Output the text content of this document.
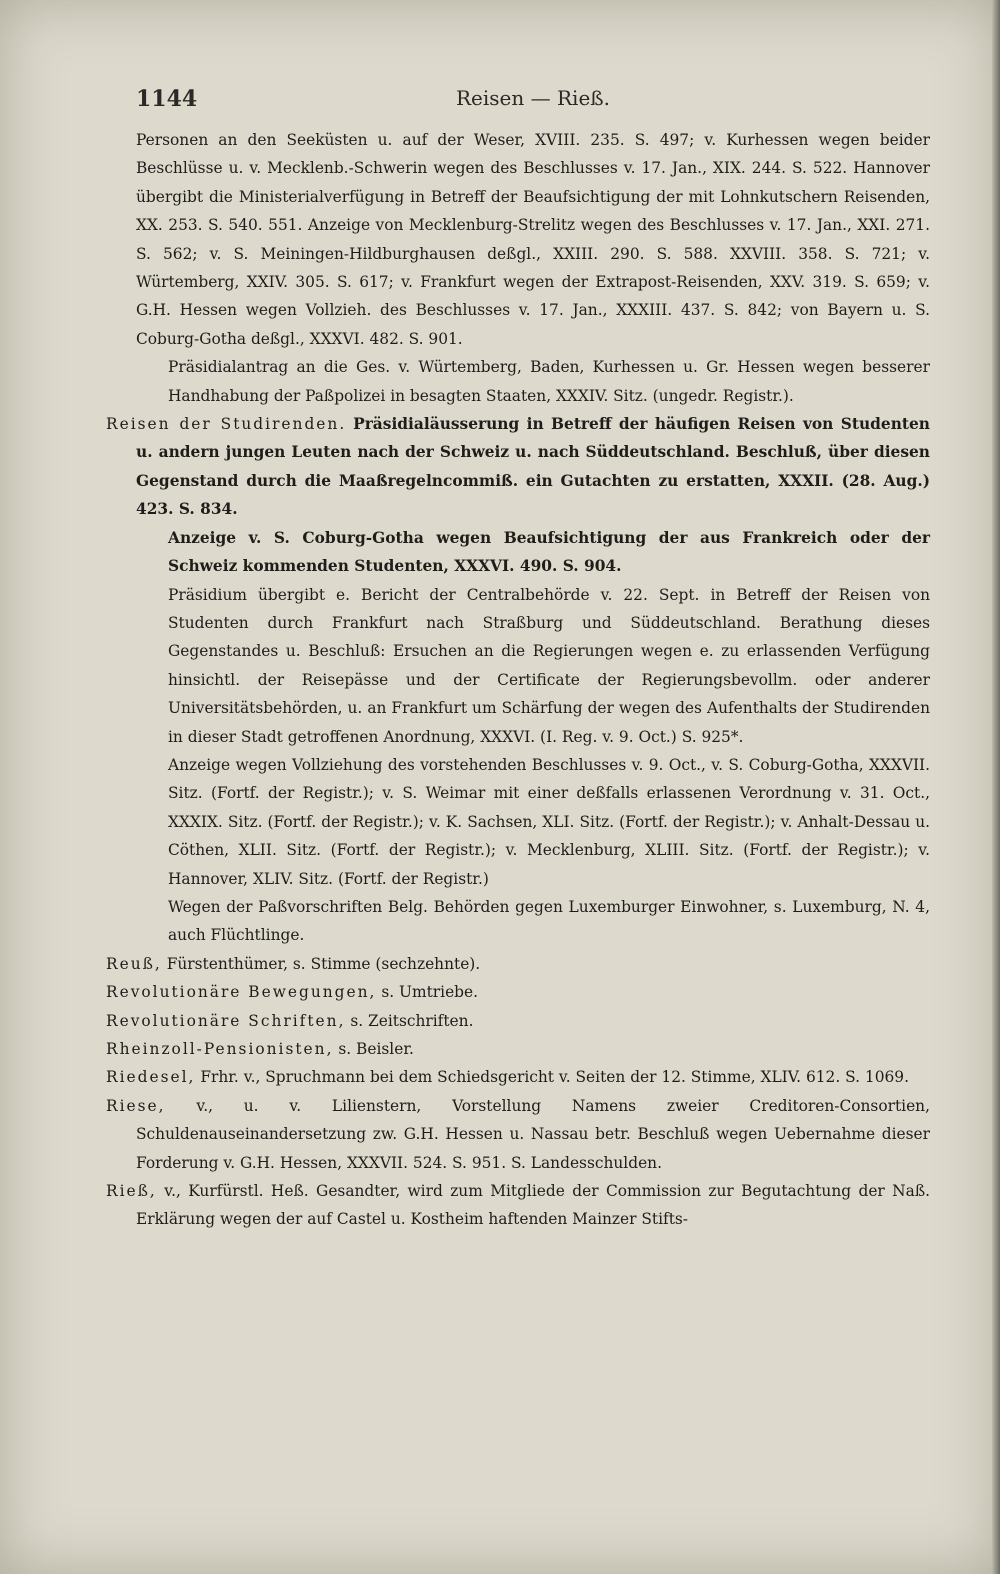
1144	Reisen — Rieß.

Personen an den Seeküsten u. auf der Weser, XVIII. 235. S. 497; v. Kurhessen wegen beider Beschlüsse u. v. Mecklenb.-Schwerin wegen des Beschlusses v. 17. Jan., XIX. 244. S. 522. Hannover übergibt die Ministerialverfügung in Betreff der Beaufsichtigung der mit Lohnkutschern Reisenden, XX. 253. S. 540. 551. Anzeige von Mecklenburg-Strelitz wegen des Beschlusses v. 17. Jan., XXI. 271. S. 562; v. S. Meiningen-Hildburghausen deßgl., XXIII. 290. S. 588. XXVIII. 358. S. 721; v. Würtemberg, XXIV. 305. S. 617; v. Frankfurt wegen der Extrapost-Reisenden, XXV. 319. S. 659; v. G.H. Hessen wegen Vollzieh. des Beschlusses v. 17. Jan., XXXIII. 437. S. 842; von Bayern u. S. Coburg-Gotha deßgl., XXXVI. 482. S. 901.

Präsidialantrag an die Ges. v. Würtemberg, Baden, Kurhessen u. Gr. Hessen wegen besserer Handhabung der Paßpolizei in besagten Staaten, XXXIV. Sitz. (ungedr. Registr.).

Reisen der Studirenden. Präsidialäusserung in Betreff der häufigen Reisen von Studenten u. andern jungen Leuten nach der Schweiz u. nach Süddeutschland. Beschluß, über diesen Gegenstand durch die Maaßregelncommiß. ein Gutachten zu erstatten, XXXII. (28. Aug.) 423. S. 834.

Anzeige v. S. Coburg-Gotha wegen Beaufsichtigung der aus Frankreich oder der Schweiz kommenden Studenten, XXXVI. 490. S. 904.

Präsidium übergibt e. Bericht der Centralbehörde v. 22. Sept. in Betreff der Reisen von Studenten durch Frankfurt nach Straßburg und Süddeutschland. Berathung dieses Gegenstandes u. Beschluß: Ersuchen an die Regierungen wegen e. zu erlassenden Verfügung hinsichtl. der Reisepässe und der Certificate der Regierungsbevollm. oder anderer Universitätsbehörden, u. an Frankfurt um Schärfung der wegen des Aufenthalts der Studirenden in dieser Stadt getroffenen Anordnung, XXXVI. (I. Reg. v. 9. Oct.) S. 925*.

Anzeige wegen Vollziehung des vorstehenden Beschlusses v. 9. Oct., v. S. Coburg-Gotha, XXXVII. Sitz. (Fortf. der Registr.); v. S. Weimar mit einer deßfalls erlassenen Verordnung v. 31. Oct., XXXIX. Sitz. (Fortf. der Registr.); v. K. Sachsen, XLI. Sitz. (Fortf. der Registr.); v. Anhalt-Dessau u. Cöthen, XLII. Sitz. (Fortf. der Registr.); v. Mecklenburg, XLIII. Sitz. (Fortf. der Registr.); v. Hannover, XLIV. Sitz. (Fortf. der Registr.)

Wegen der Paßvorschriften Belg. Behörden gegen Luxemburger Einwohner, s. Luxemburg, N. 4, auch Flüchtlinge.

Reuß, Fürstenthümer, s. Stimme (sechzehnte).

Revolutionäre Bewegungen, s. Umtriebe.

Revolutionäre Schriften, s. Zeitschriften.

Rheinzoll-Pensionisten, s. Beisler.

Riedesel, Frhr. v., Spruchmann bei dem Schiedsgericht v. Seiten der 12. Stimme, XLIV. 612. S. 1069.

Riese, v., u. v. Lilienstern, Vorstellung Namens zweier Creditoren-Consortien, Schuldenauseinandersetzung zw. G.H. Hessen u. Nassau betr. Beschluß wegen Uebernahme dieser Forderung v. G.H. Hessen, XXXVII. 524. S. 951. S. Landesschulden.

Rieß, v., Kurfürstl. Heß. Gesandter, wird zum Mitgliede der Commission zur Begutachtung der Naß. Erklärung wegen der auf Castel u. Kostheim haftenden Mainzer Stifts-
